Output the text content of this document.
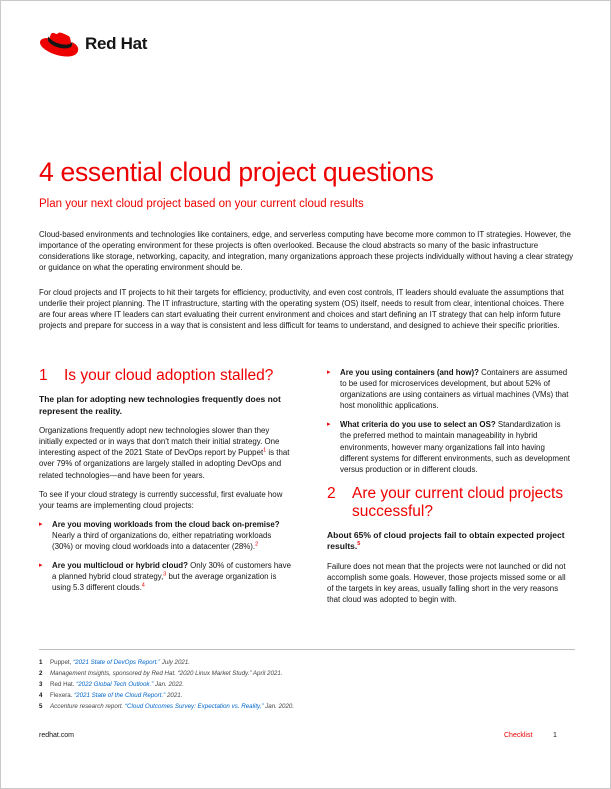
Red Hat
4 essential cloud project questions
Plan your next cloud project based on your current cloud results

Cloud-based environments and technologies like containers, edge, and serverless computing have become more common to IT strategies. However, the importance of the operating environment for these projects is often overlooked. Because the cloud abstracts so many of the basic infrastructure considerations like storage, networking, capacity, and integration, many organizations approach these projects individually without having a clear strategy or guidance on what the operating environment should be.

For cloud projects and IT projects to hit their targets for efficiency, productivity, and even cost controls, IT leaders should evaluate the assumptions that underlie their project planning. The IT infrastructure, starting with the operating system (OS) itself, needs to result from clear, intentional choices. There are four areas where IT leaders can start evaluating their current environment and choices and start defining an IT strategy that can help inform future projects and prepare for success in a way that is consistent and less difficult for teams to understand, and designed to achieve their specific priorities.

1	Is your cloud adoption stalled?

The plan for adopting new technologies frequently does not represent the reality.

Organizations frequently adopt new technologies slower than they initially expected or in ways that don't match their initial strategy. One interesting aspect of the 2021 State of DevOps report by Puppet$^1$ is that over 79% of organizations are largely stalled in adopting DevOps and related technologies—and have been for years.

To see if your cloud strategy is currently successful, first evaluate how your teams are implementing cloud projects:

▸	Are you moving workloads from the cloud back on-premise? Nearly a third of organizations do, either repatriating workloads (30%) or moving cloud workloads into a datacenter (28%).$^2$
▸	Are you multicloud or hybrid cloud? Only 30% of customers have a planned hybrid cloud strategy,$^3$ but the average organization is using 5.3 different clouds.$^4$
▸	Are you using containers (and how)? Containers are assumed to be used for microservices development, but about 52% of organizations are using containers as virtual machines (VMs) that host monolithic applications.
▸	What criteria do you use to select an OS? Standardization is the preferred method to maintain manageability in hybrid environments, however many organizations fall into having different systems for different environments, such as development versus production or in different clouds.
2	Are your current cloud projects successful?

About 65% of cloud projects fail to obtain expected project results.$^5$

Failure does not mean that the projects were not launched or did not accomplish some goals. However, those projects missed some or all of the targets in key areas, usually falling short in the very reasons that cloud was adopted to begin with.

1	Puppet, “2021 State of DevOps Report.” July 2021.
2	Management Insights, sponsored by Red Hat. “2020 Linux Market Study.” April 2021.
3	Red Hat. “2022 Global Tech Outlook.” Jan. 2022.
4	Flexera. “2021 State of the Cloud Report.” 2021.
5	Accenture research report. “Cloud Outcomes Survey: Expectation vs. Reality,” Jan. 2020.
redhat.com	Checklist	1
